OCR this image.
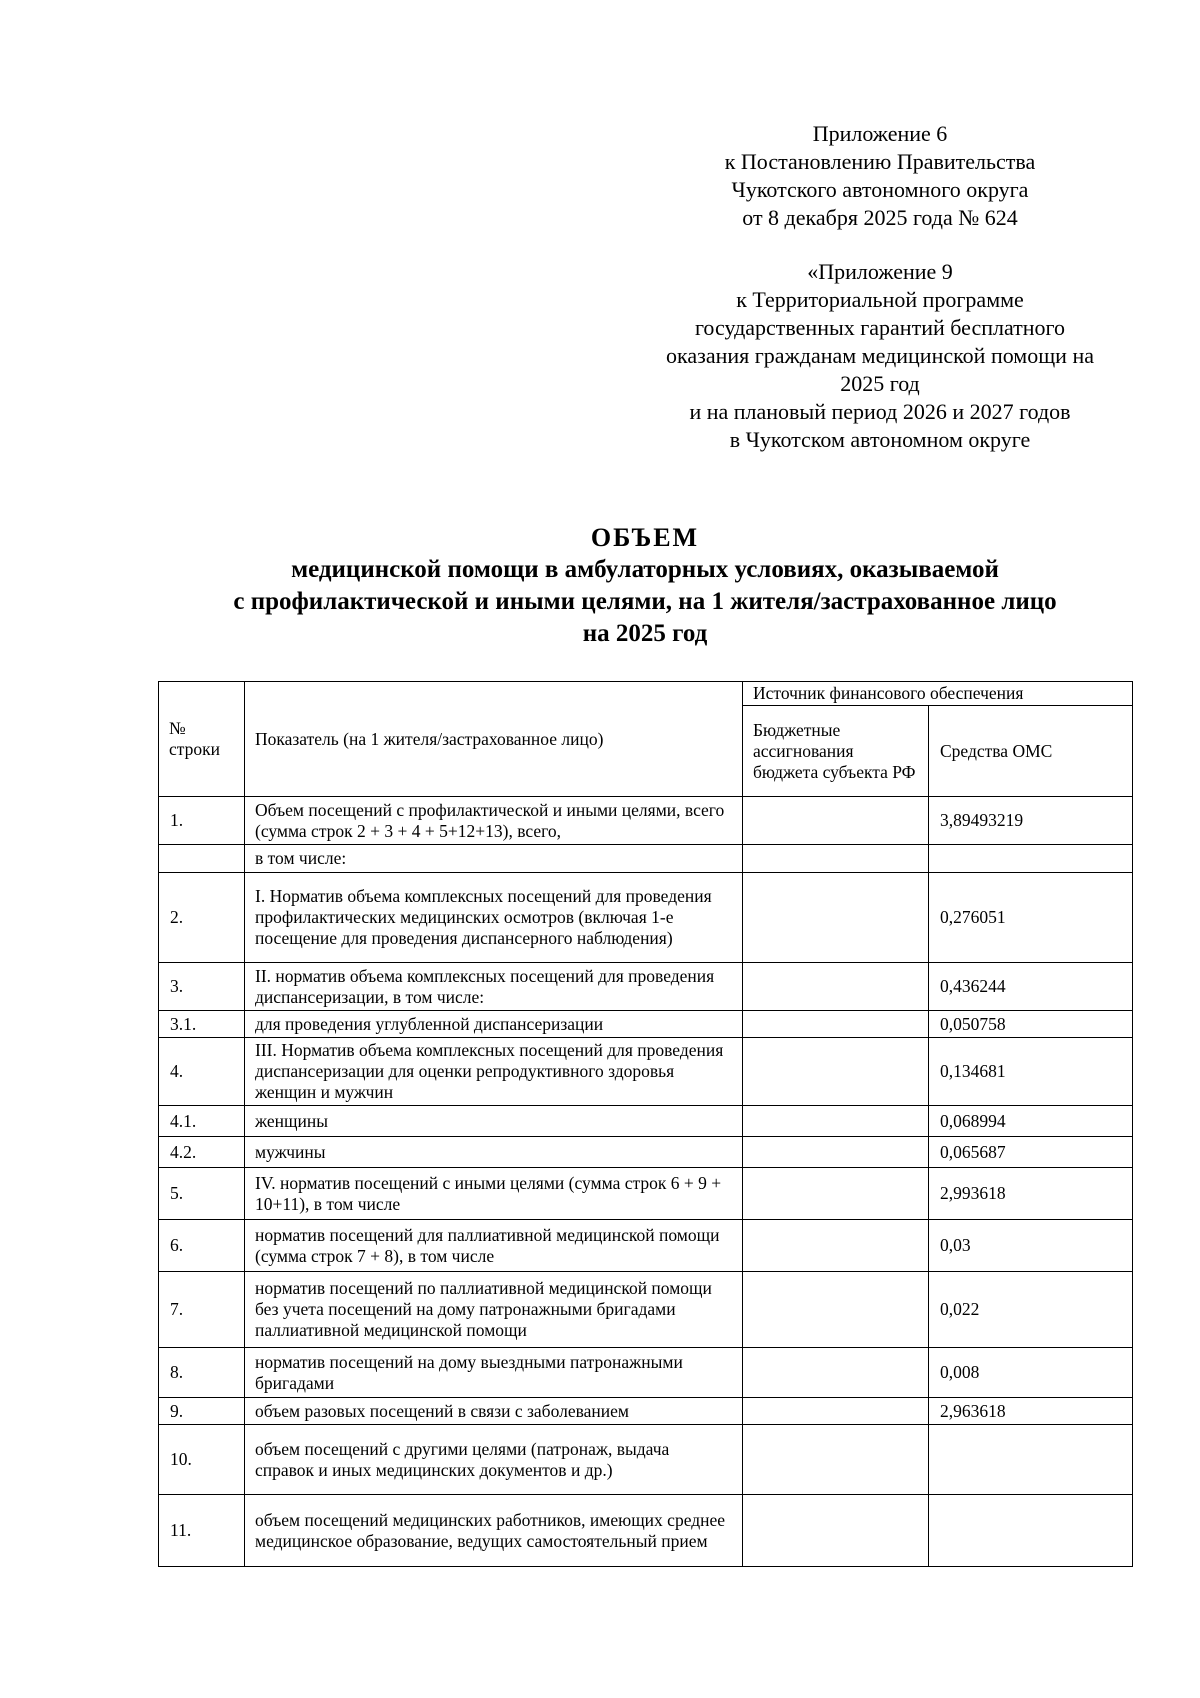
Приложение 6
к Постановлению Правительства
Чукотского автономного округа
от 8 декабря 2025 года № 624
«Приложение 9
к Территориальной программе
государственных гарантий бесплатного
оказания гражданам медицинской помощи на
2025 год
и на плановый период 2026 и 2027 годов
в Чукотском автономном округе
ОБЪЕМ
медицинской помощи в амбулаторных условиях, оказываемой
с профилактической и иными целями, на 1 жителя/застрахованное лицо
на 2025 год
№ строки	Показатель (на 1 жителя/застрахованное лицо)	Источник финансового обеспечения	
		Бюджетные ассигнования бюджета субъекта РФ	Средства ОМС
1.	Объем посещений с профилактической и иными целями, всего (сумма строк 2 + 3 + 4 + 5+12+13), всего,		3,89493219
	в том числе:		
2.	I. Норматив объема комплексных посещений для проведения профилактических медицинских осмотров (включая 1-е посещение для проведения диспансерного наблюдения)		0,276051
3.	II. норматив объема комплексных посещений для проведения диспансеризации, в том числе:		0,436244
3.1.	для проведения углубленной диспансеризации		0,050758
4.	III. Норматив объема комплексных посещений для проведения диспансеризации для оценки репродуктивного здоровья женщин и мужчин		0,134681
4.1.	женщины		0,068994
4.2.	мужчины		0,065687
5.	IV. норматив посещений с иными целями (сумма строк 6 + 9 + 10+11), в том числе		2,993618
6.	норматив посещений для паллиативной медицинской помощи (сумма строк 7 + 8), в том числе		0,03
7.	норматив посещений по паллиативной медицинской помощи без учета посещений на дому патронажными бригадами паллиативной медицинской помощи		0,022
8.	норматив посещений на дому выездными патронажными бригадами		0,008
9.	объем разовых посещений в связи с заболеванием		2,963618
10.	объем посещений с другими целями (патронаж, выдача справок и иных медицинских документов и др.)		
11.	объем посещений медицинских работников, имеющих среднее медицинское образование, ведущих самостоятельный прием		
